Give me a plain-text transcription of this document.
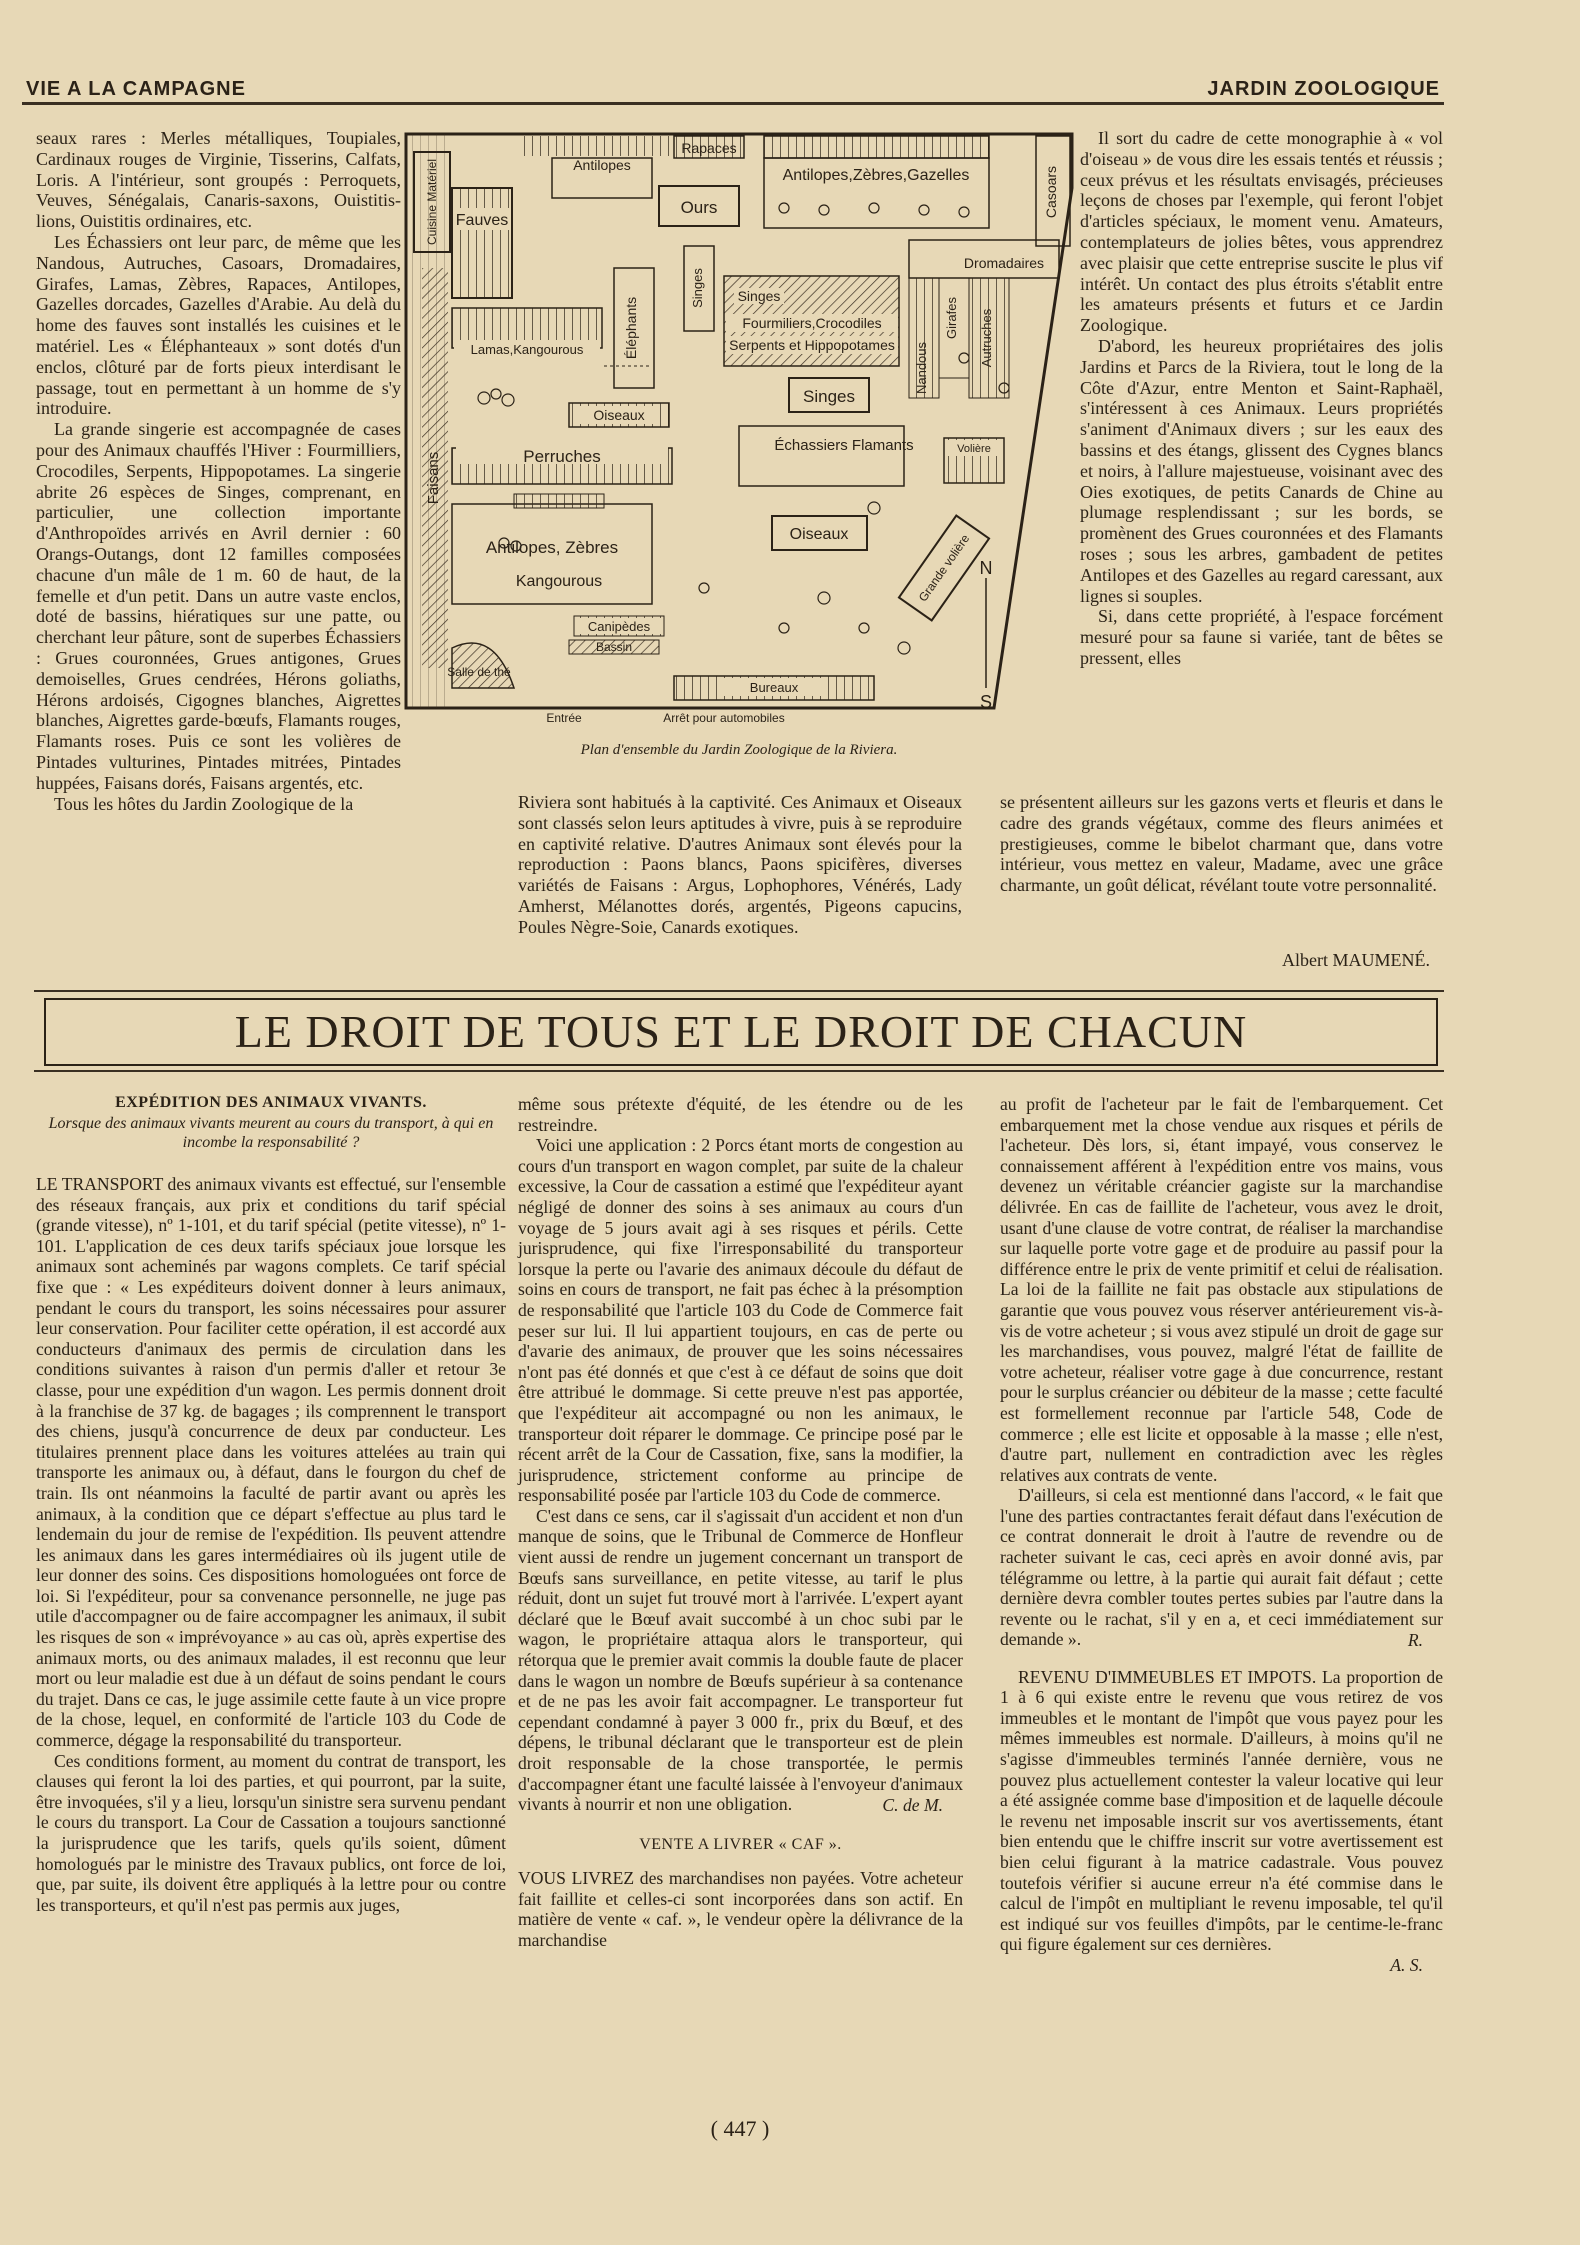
VIE A LA CAMPAGNE	JARDIN ZOOLOGIQUE

seaux rares : Merles métalliques, Toupiales, Cardinaux rouges de Virginie, Tisserins, Calfats, Loris. A l'intérieur, sont groupés : Perroquets, Veuves, Sénégalais, Canaris-saxons, Ouistitis-lions, Ouistitis ordinaires, etc.

Les Échassiers ont leur parc, de même que les Nandous, Autruches, Casoars, Dromadaires, Girafes, Lamas, Zèbres, Rapaces, Antilopes, Gazelles dorcades, Gazelles d'Arabie. Au delà du home des fauves sont installés les cuisines et le matériel. Les « Éléphanteaux » sont dotés d'un enclos, clôturé par de forts pieux interdisant le passage, tout en permettant à un homme de s'y introduire.

La grande singerie est accompagnée de cases pour des Animaux chauffés l'Hiver : Fourmilliers, Crocodiles, Serpents, Hippopotames. La singerie abrite 26 espèces de Singes, comprenant, en particulier, une collection importante d'Anthropoïdes arrivés en Avril dernier : 60 Orangs-Outangs, dont 12 familles composées chacune d'un mâle de 1 m. 60 de haut, de la femelle et d'un petit. Dans un autre vaste enclos, doté de bassins, hiératiques sur une patte, ou cherchant leur pâture, sont de superbes Échassiers : Grues couronnées, Grues antigones, Grues demoiselles, Grues cendrées, Hérons goliaths, Hérons ardoisés, Cigognes blanches, Aigrettes blanches, Aigrettes garde-bœufs, Flamants rouges, Flamants roses. Puis ce sont les volières de Pintades vulturines, Pintades mitrées, Pintades huppées, Faisans dorés, Faisans argentés, etc.

Tous les hôtes du Jardin Zoologique de la

Faisans
Cuisine Matériel Fauves
Rapaces
Antilopes
Ours
Antilopes,Zèbres,Gazelles	Casoars
Dromadaires
Nandous
Girafes Autruches
Éléphants
Singes Singes
Fourmiliers,Crocodiles
Serpents et Hippopotames
Lamas,Kangourous
Singes
Oiseaux
Perruches
Échassiers Flamants	Volière
Antilopes, Zèbres
Kangourous
Oiseaux	Grande volière
Canipèdes
Bassin
Salle de thé
Bureaux
Entrée	Arrêt pour automobiles
N
S
Plan d'ensemble du Jardin Zoologique de la Riviera.

Riviera sont habitués à la captivité. Ces Animaux et Oiseaux sont classés selon leurs aptitudes à vivre, puis à se reproduire en captivité relative. D'autres Animaux sont élevés pour la reproduction : Paons blancs, Paons spicifères, diverses variétés de Faisans : Argus, Lophophores, Vénérés, Lady Amherst, Mélanottes dorés, argentés, Pigeons capucins, Poules Nègre-Soie, Canards exotiques.

Il sort du cadre de cette monographie à « vol d'oiseau » de vous dire les essais tentés et réussis ; ceux prévus et les résultats envisagés, précieuses leçons de choses par l'exemple, qui feront l'objet d'articles spéciaux, le moment venu. Amateurs, contemplateurs de jolies bêtes, vous apprendrez avec plaisir que cette entreprise suscite le plus vif intérêt. Un contact des plus étroits s'établit entre les amateurs présents et futurs et ce Jardin Zoologique.

D'abord, les heureux propriétaires des jolis Jardins et Parcs de la Riviera, tout le long de la Côte d'Azur, entre Menton et Saint-Raphaël, s'intéressent à ces Animaux. Leurs propriétés s'animent d'Animaux divers ; sur les eaux des bassins et des étangs, glissent des Cygnes blancs et noirs, à l'allure majestueuse, voisinant avec des Oies exotiques, de petits Canards de Chine au plumage resplendissant ; sur les bords, se promènent des Grues couronnées et des Flamants roses ; sous les arbres, gambadent de petites Antilopes et des Gazelles au regard caressant, aux lignes si souples.

Si, dans cette propriété, à l'espace forcément mesuré pour sa faune si variée, tant de bêtes se pressent, elles

se présentent ailleurs sur les gazons verts et fleuris et dans le cadre des grands végétaux, comme des fleurs animées et prestigieuses, comme le bibelot charmant que, dans votre intérieur, vous mettez en valeur, Madame, avec une grâce charmante, un goût délicat, révélant toute votre personnalité.

Albert MAUMENÉ.
LE DROIT DE TOUS ET LE DROIT DE CHACUN
EXPÉDITION DES ANIMAUX VIVANTS.
Lorsque des animaux vivants meurent au cours du transport, à qui en incombe la responsabilité ?

LE TRANSPORT des animaux vivants est effectué, sur l'ensemble des réseaux français, aux prix et conditions du tarif spécial (grande vitesse), nº 1-101, et du tarif spécial (petite vitesse), nº 1-101. L'application de ces deux tarifs spéciaux joue lorsque les animaux sont acheminés par wagons complets. Ce tarif spécial fixe que : « Les expéditeurs doivent donner à leurs animaux, pendant le cours du transport, les soins nécessaires pour assurer leur conservation. Pour faciliter cette opération, il est accordé aux conducteurs d'animaux des permis de circulation dans les conditions suivantes à raison d'un permis d'aller et retour 3e classe, pour une expédition d'un wagon. Les permis donnent droit à la franchise de 37 kg. de bagages ; ils comprennent le transport des chiens, jusqu'à concurrence de deux par conducteur. Les titulaires prennent place dans les voitures attelées au train qui transporte les animaux ou, à défaut, dans le fourgon du chef de train. Ils ont néanmoins la faculté de partir avant ou après les animaux, à la condition que ce départ s'effectue au plus tard le lendemain du jour de remise de l'expédition. Ils peuvent attendre les animaux dans les gares intermédiaires où ils jugent utile de leur donner des soins. Ces dispositions homologuées ont force de loi. Si l'expéditeur, pour sa convenance personnelle, ne juge pas utile d'accompagner ou de faire accompagner les animaux, il subit les risques de son « imprévoyance » au cas où, après expertise des animaux morts, ou des animaux malades, il est reconnu que leur mort ou leur maladie est due à un défaut de soins pendant le cours du trajet. Dans ce cas, le juge assimile cette faute à un vice propre de la chose, lequel, en conformité de l'article 103 du Code de commerce, dégage la responsabilité du transporteur.

Ces conditions forment, au moment du contrat de transport, les clauses qui feront la loi des parties, et qui pourront, par la suite, être invoquées, s'il y a lieu, lorsqu'un sinistre sera survenu pendant le cours du transport. La Cour de Cassation a toujours sanctionné la jurisprudence que les tarifs, quels qu'ils soient, dûment homologués par le ministre des Travaux publics, ont force de loi, que, par suite, ils doivent être appliqués à la lettre pour ou contre les transporteurs, et qu'il n'est pas permis aux juges,

même sous prétexte d'équité, de les étendre ou de les restreindre.

Voici une application : 2 Porcs étant morts de congestion au cours d'un transport en wagon complet, par suite de la chaleur excessive, la Cour de cassation a estimé que l'expéditeur ayant négligé de donner des soins à ses animaux au cours d'un voyage de 5 jours avait agi à ses risques et périls. Cette jurisprudence, qui fixe l'irresponsabilité du transporteur lorsque la perte ou l'avarie des animaux découle du défaut de soins en cours de transport, ne fait pas échec à la présomption de responsabilité que l'article 103 du Code de Commerce fait peser sur lui. Il lui appartient toujours, en cas de perte ou d'avarie des animaux, de prouver que les soins nécessaires n'ont pas été donnés et que c'est à ce défaut de soins que doit être attribué le dommage. Si cette preuve n'est pas apportée, que l'expéditeur ait accompagné ou non les animaux, le transporteur doit réparer le dommage. Ce principe posé par le récent arrêt de la Cour de Cassation, fixe, sans la modifier, la jurisprudence, strictement conforme au principe de responsabilité posée par l'article 103 du Code de commerce.

C'est dans ce sens, car il s'agissait d'un accident et non d'un manque de soins, que le Tribunal de Commerce de Honfleur vient aussi de rendre un jugement concernant un transport de Bœufs sans surveillance, en petite vitesse, au tarif le plus réduit, dont un sujet fut trouvé mort à l'arrivée. L'expert ayant déclaré que le Bœuf avait succombé à un choc subi par le wagon, le propriétaire attaqua alors le transporteur, qui rétorqua que le premier avait commis la double faute de placer dans le wagon un nombre de Bœufs supérieur à sa contenance et de ne pas les avoir fait accompagner. Le transporteur fut cependant condamné à payer 3 000 fr., prix du Bœuf, et des dépens, le tribunal déclarant que le transporteur est de plein droit responsable de la chose transportée, le permis d'accompagner étant une faculté laissée à l'envoyeur d'animaux vivants à nourrir et non une obligation.	C. de M.
VENTE A LIVRER « CAF ».

VOUS LIVREZ des marchandises non payées. Votre acheteur fait faillite et celles-ci sont incorporées dans son actif. En matière de vente « caf. », le vendeur opère la délivrance de la marchandise

au profit de l'acheteur par le fait de l'embarquement. Cet embarquement met la chose vendue aux risques et périls de l'acheteur. Dès lors, si, étant impayé, vous conservez le connaissement afférent à l'expédition entre vos mains, vous devenez un véritable créancier gagiste sur la marchandise délivrée. En cas de faillite de l'acheteur, vous avez le droit, usant d'une clause de votre contrat, de réaliser la marchandise sur laquelle porte votre gage et de produire au passif pour la différence entre le prix de vente primitif et celui de réalisation. La loi de la faillite ne fait pas obstacle aux stipulations de garantie que vous pouvez vous réserver antérieurement vis-à-vis de votre acheteur ; si vous avez stipulé un droit de gage sur les marchandises, vous pouvez, malgré l'état de faillite de votre acheteur, réaliser votre gage à due concurrence, restant pour le surplus créancier ou débiteur de la masse ; cette faculté est formellement reconnue par l'article 548, Code de commerce ; elle est licite et opposable à la masse ; elle n'est, d'autre part, nullement en contradiction avec les règles relatives aux contrats de vente.

D'ailleurs, si cela est mentionné dans l'accord, « le fait que l'une des parties contractantes ferait défaut dans l'exécution de ce contrat donnerait le droit à l'autre de revendre ou de racheter suivant le cas, ceci après en avoir donné avis, par télégramme ou lettre, à la partie qui aurait fait défaut ; cette dernière devra combler toutes pertes subies par l'autre dans la revente ou le rachat, s'il y en a, et ceci immédiatement sur demande ».	R.

REVENU D'IMMEUBLES ET IMPOTS. La proportion de 1 à 6 qui existe entre le revenu que vous retirez de vos immeubles et le montant de l'impôt que vous payez pour les mêmes immeubles est normale. D'ailleurs, à moins qu'il ne s'agisse d'immeubles terminés l'année dernière, vous ne pouvez plus actuellement contester la valeur locative qui leur a été assignée comme base d'imposition et de laquelle découle le revenu net imposable inscrit sur vos avertissements, étant bien entendu que le chiffre inscrit sur votre avertissement est bien celui figurant à la matrice cadastrale. Vous pouvez toutefois vérifier si aucune erreur n'a été commise dans le calcul de l'impôt en multipliant le revenu imposable, tel qu'il est indiqué sur vos feuilles d'impôts, par le centime-le-franc qui figure également sur ces dernières.

A. S.
( 447 )
